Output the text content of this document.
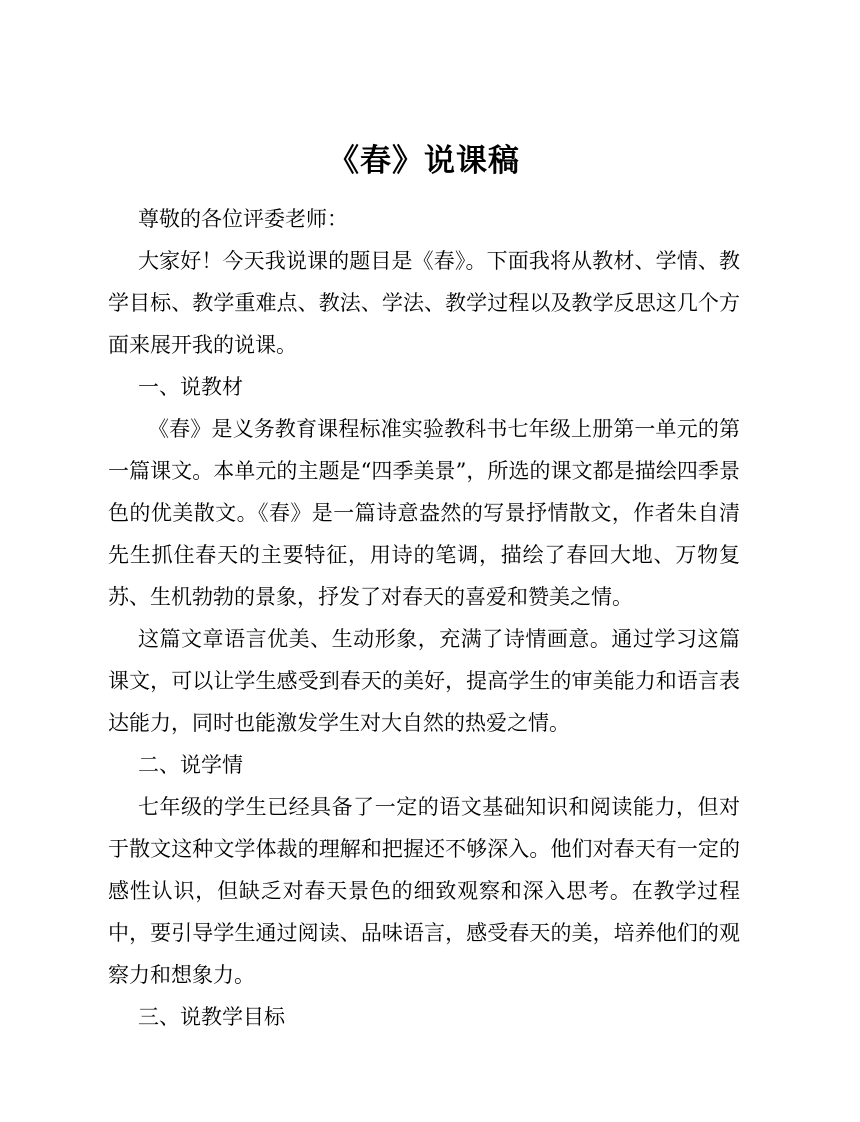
《春》说课稿

尊敬的各位评委老师：

大家好！今天我说课的题目是《春》。下面我将从教材、学情、教学目标、教学重难点、教法、学法、教学过程以及教学反思这几个方面来展开我的说课。

一、说教材

《春》是义务教育课程标准实验教科书七年级上册第一单元的第一篇课文。本单元的主题是“四季美景”，所选的课文都是描绘四季景色的优美散文。《春》是一篇诗意盎然的写景抒情散文，作者朱自清先生抓住春天的主要特征，用诗的笔调，描绘了春回大地、万物复苏、生机勃勃的景象，抒发了对春天的喜爱和赞美之情。

这篇文章语言优美、生动形象，充满了诗情画意。通过学习这篇课文，可以让学生感受到春天的美好，提高学生的审美能力和语言表达能力，同时也能激发学生对大自然的热爱之情。

二、说学情

七年级的学生已经具备了一定的语文基础知识和阅读能力，但对于散文这种文学体裁的理解和把握还不够深入。他们对春天有一定的感性认识，但缺乏对春天景色的细致观察和深入思考。在教学过程中，要引导学生通过阅读、品味语言，感受春天的美，培养他们的观察力和想象力。

三、说教学目标
